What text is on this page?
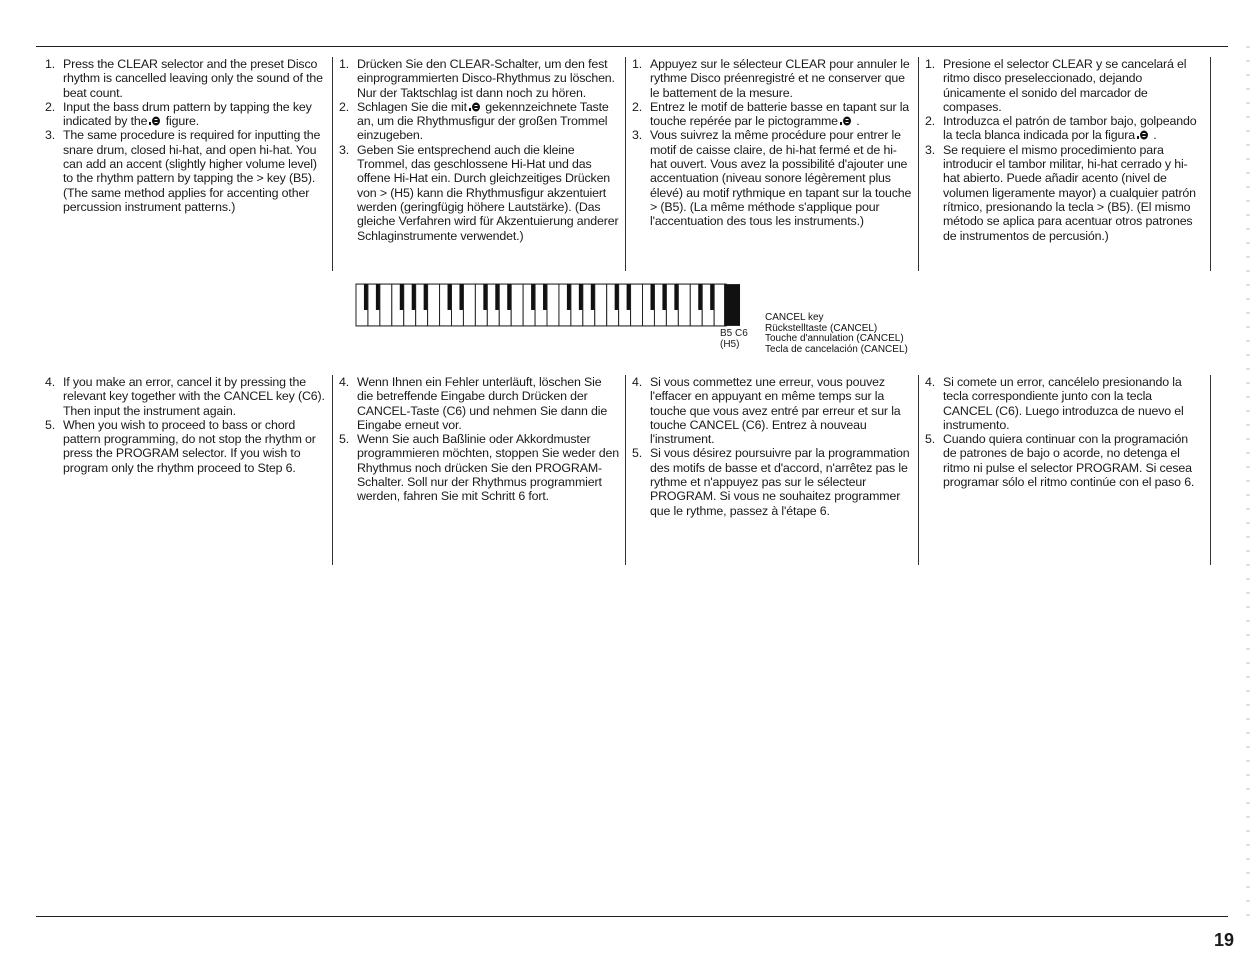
1. Press the CLEAR selector and the preset Disco rhythm is cancelled leaving only the sound of the beat count.
2. Input the bass drum pattern by tapping the key indicated by the figure.
3. The same procedure is required for inputting the snare drum, closed hi-hat, and open hi-hat. You can add an accent (slightly higher volume level) to the rhythm pattern by tapping the > key (B5). (The same method applies for accenting other percussion instrument patterns.)
1. Drücken Sie den CLEAR-Schalter, um den fest einprogrammierten Disco-Rhythmus zu löschen. Nur der Taktschlag ist dann noch zu hören.
2. Schlagen Sie die mit gekennzeichnete Taste an, um die Rhythmusfigur der großen Trommel einzugeben.
3. Geben Sie entsprechend auch die kleine Trommel, das geschlossene Hi-Hat und das offene Hi-Hat ein. Durch gleichzeitiges Drücken von > (H5) kann die Rhythmusfigur akzentuiert werden (geringfügig höhere Lautstärke). (Das gleiche Verfahren wird für Akzentuierung anderer Schlaginstrumente verwendet.)
1. Appuyez sur le sélecteur CLEAR pour annuler le rythme Disco préenregistré et ne conserver que le battement de la mesure.
2. Entrez le motif de batterie basse en tapant sur la touche repérée par le pictogramme .
3. Vous suivrez la même procédure pour entrer le motif de caisse claire, de hi-hat fermé et de hi-hat ouvert. Vous avez la possibilité d'ajouter une accentuation (niveau sonore légèrement plus élevé) au motif rythmique en tapant sur la touche > (B5). (La même méthode s'applique pour l'accentuation des tous les instruments.)
1. Presione el selector CLEAR y se cancelará el ritmo disco preseleccionado, dejando únicamente el sonido del marcador de compases.
2. Introduzca el patrón de tambor bajo, golpeando la tecla blanca indicada por la figura .
3. Se requiere el mismo procedimiento para introducir el tambor militar, hi-hat cerrado y hi-hat abierto. Puede añadir acento (nivel de volumen ligeramente mayor) a cualquier patrón rítmico, presionando la tecla > (B5). (El mismo método se aplica para acentuar otros patrones de instrumentos de percusión.)
B5 C6
(H5)
CANCEL key
Rückstelltaste (CANCEL)
Touche d'annulation (CANCEL)
Tecla de cancelación (CANCEL)
4. If you make an error, cancel it by pressing the relevant key together with the CANCEL key (C6). Then input the instrument again.
5. When you wish to proceed to bass or chord pattern programming, do not stop the rhythm or press the PROGRAM selector. If you wish to program only the rhythm proceed to Step 6.
4. Wenn Ihnen ein Fehler unterläuft, löschen Sie die betreffende Eingabe durch Drücken der CANCEL-Taste (C6) und nehmen Sie dann die Eingabe erneut vor.
5. Wenn Sie auch Baßlinie oder Akkordmuster programmieren möchten, stoppen Sie weder den Rhythmus noch drücken Sie den PROGRAM-Schalter. Soll nur der Rhythmus programmiert werden, fahren Sie mit Schritt 6 fort.
4. Si vous commettez une erreur, vous pouvez l'effacer en appuyant en même temps sur la touche que vous avez entré par erreur et sur la touche CANCEL (C6). Entrez à nouveau l'instrument.
5. Si vous désirez poursuivre par la programmation des motifs de basse et d'accord, n'arrêtez pas le rythme et n'appuyez pas sur le sélecteur PROGRAM. Si vous ne souhaitez programmer que le rythme, passez à l'étape 6.
4. Si comete un error, cancélelo presionando la tecla correspondiente junto con la tecla CANCEL (C6). Luego introduzca de nuevo el instrumento.
5. Cuando quiera continuar con la programación de patrones de bajo o acorde, no detenga el ritmo ni pulse el selector PROGRAM. Si cesea programar sólo el ritmo continúe con el paso 6.
19
